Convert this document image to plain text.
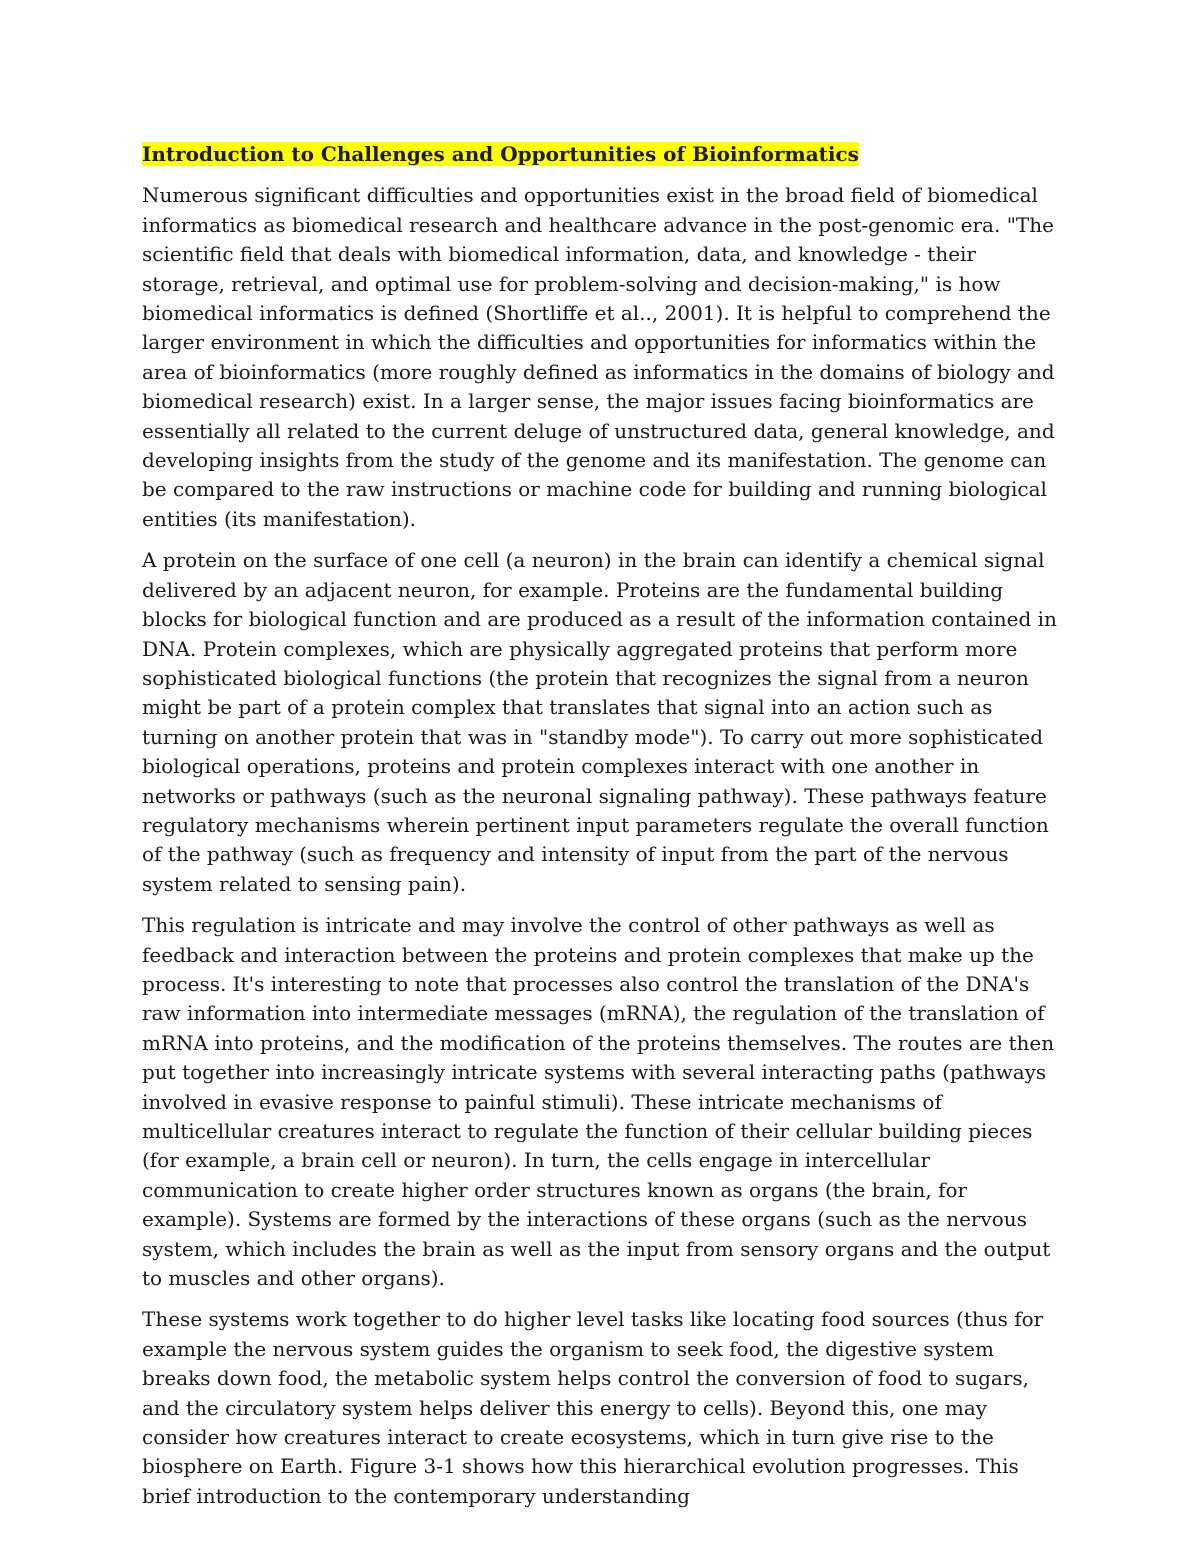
Introduction to Challenges and Opportunities of Bioinformatics

Numerous significant difficulties and opportunities exist in the broad field of biomedical informatics as biomedical research and healthcare advance in the post-genomic era. "The scientific field that deals with biomedical information, data, and knowledge - their storage, retrieval, and optimal use for problem-solving and decision-making," is how biomedical informatics is defined (Shortliffe et al.., 2001). It is helpful to comprehend the larger environment in which the difficulties and opportunities for informatics within the area of bioinformatics (more roughly defined as informatics in the domains of biology and biomedical research) exist. In a larger sense, the major issues facing bioinformatics are essentially all related to the current deluge of unstructured data, general knowledge, and developing insights from the study of the genome and its manifestation. The genome can be compared to the raw instructions or machine code for building and running biological entities (its manifestation).

A protein on the surface of one cell (a neuron) in the brain can identify a chemical signal delivered by an adjacent neuron, for example. Proteins are the fundamental building blocks for biological function and are produced as a result of the information contained in DNA. Protein complexes, which are physically aggregated proteins that perform more sophisticated biological functions (the protein that recognizes the signal from a neuron might be part of a protein complex that translates that signal into an action such as turning on another protein that was in "standby mode"). To carry out more sophisticated biological operations, proteins and protein complexes interact with one another in networks or pathways (such as the neuronal signaling pathway). These pathways feature regulatory mechanisms wherein pertinent input parameters regulate the overall function of the pathway (such as frequency and intensity of input from the part of the nervous system related to sensing pain).

This regulation is intricate and may involve the control of other pathways as well as feedback and interaction between the proteins and protein complexes that make up the process. It's interesting to note that processes also control the translation of the DNA's raw information into intermediate messages (mRNA), the regulation of the translation of mRNA into proteins, and the modification of the proteins themselves. The routes are then put together into increasingly intricate systems with several interacting paths (pathways involved in evasive response to painful stimuli). These intricate mechanisms of multicellular creatures interact to regulate the function of their cellular building pieces (for example, a brain cell or neuron). In turn, the cells engage in intercellular communication to create higher order structures known as organs (the brain, for example). Systems are formed by the interactions of these organs (such as the nervous system, which includes the brain as well as the input from sensory organs and the output to muscles and other organs).

These systems work together to do higher level tasks like locating food sources (thus for example the nervous system guides the organism to seek food, the digestive system breaks down food, the metabolic system helps control the conversion of food to sugars, and the circulatory system helps deliver this energy to cells). Beyond this, one may consider how creatures interact to create ecosystems, which in turn give rise to the biosphere on Earth. Figure 3-1 shows how this hierarchical evolution progresses. This brief introduction to the contemporary understanding
